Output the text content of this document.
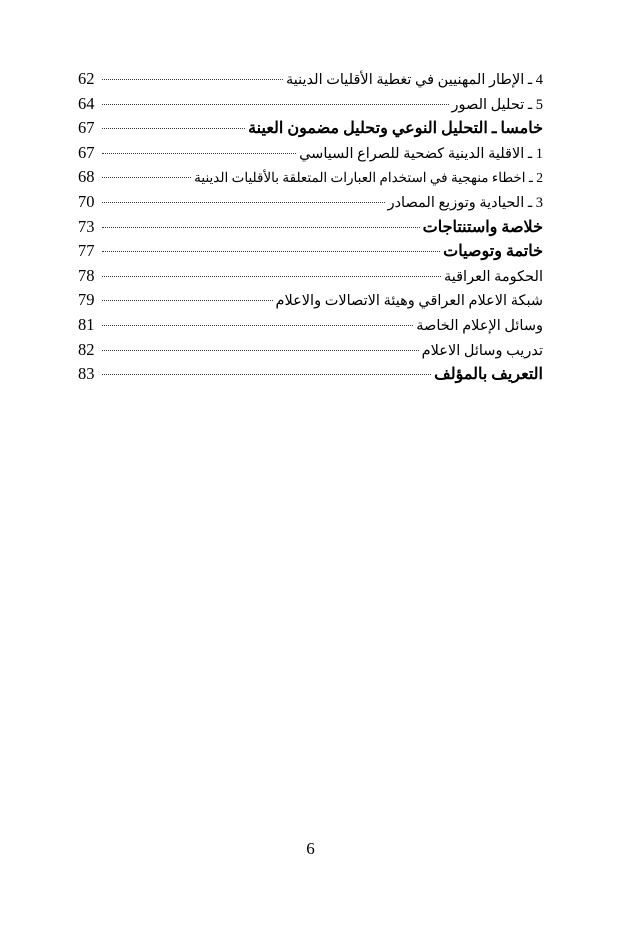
4 ـ الإطار المهنيين في تغطية الأقليات الدينية
62
5 ـ تحليل الصور
64
خامسا ـ التحليل النوعي وتحليل مضمون العينة
67
1 ـ الاقلية الدينية كضحية للصراع السياسي
67
2 ـ اخطاء منهجية في استخدام العبارات المتعلقة بالأقليات الدينية
68
3 ـ الحيادية وتوزيع المصادر
70
خلاصة واستنتاجات
73
خاتمة وتوصيات
77
الحكومة العراقية
78
شبكة الاعلام العراقي وهيئة الاتصالات والاعلام
79
وسائل الإعلام الخاصة
81
تدريب وسائل الاعلام
82
التعريف بالمؤلف
83
6
